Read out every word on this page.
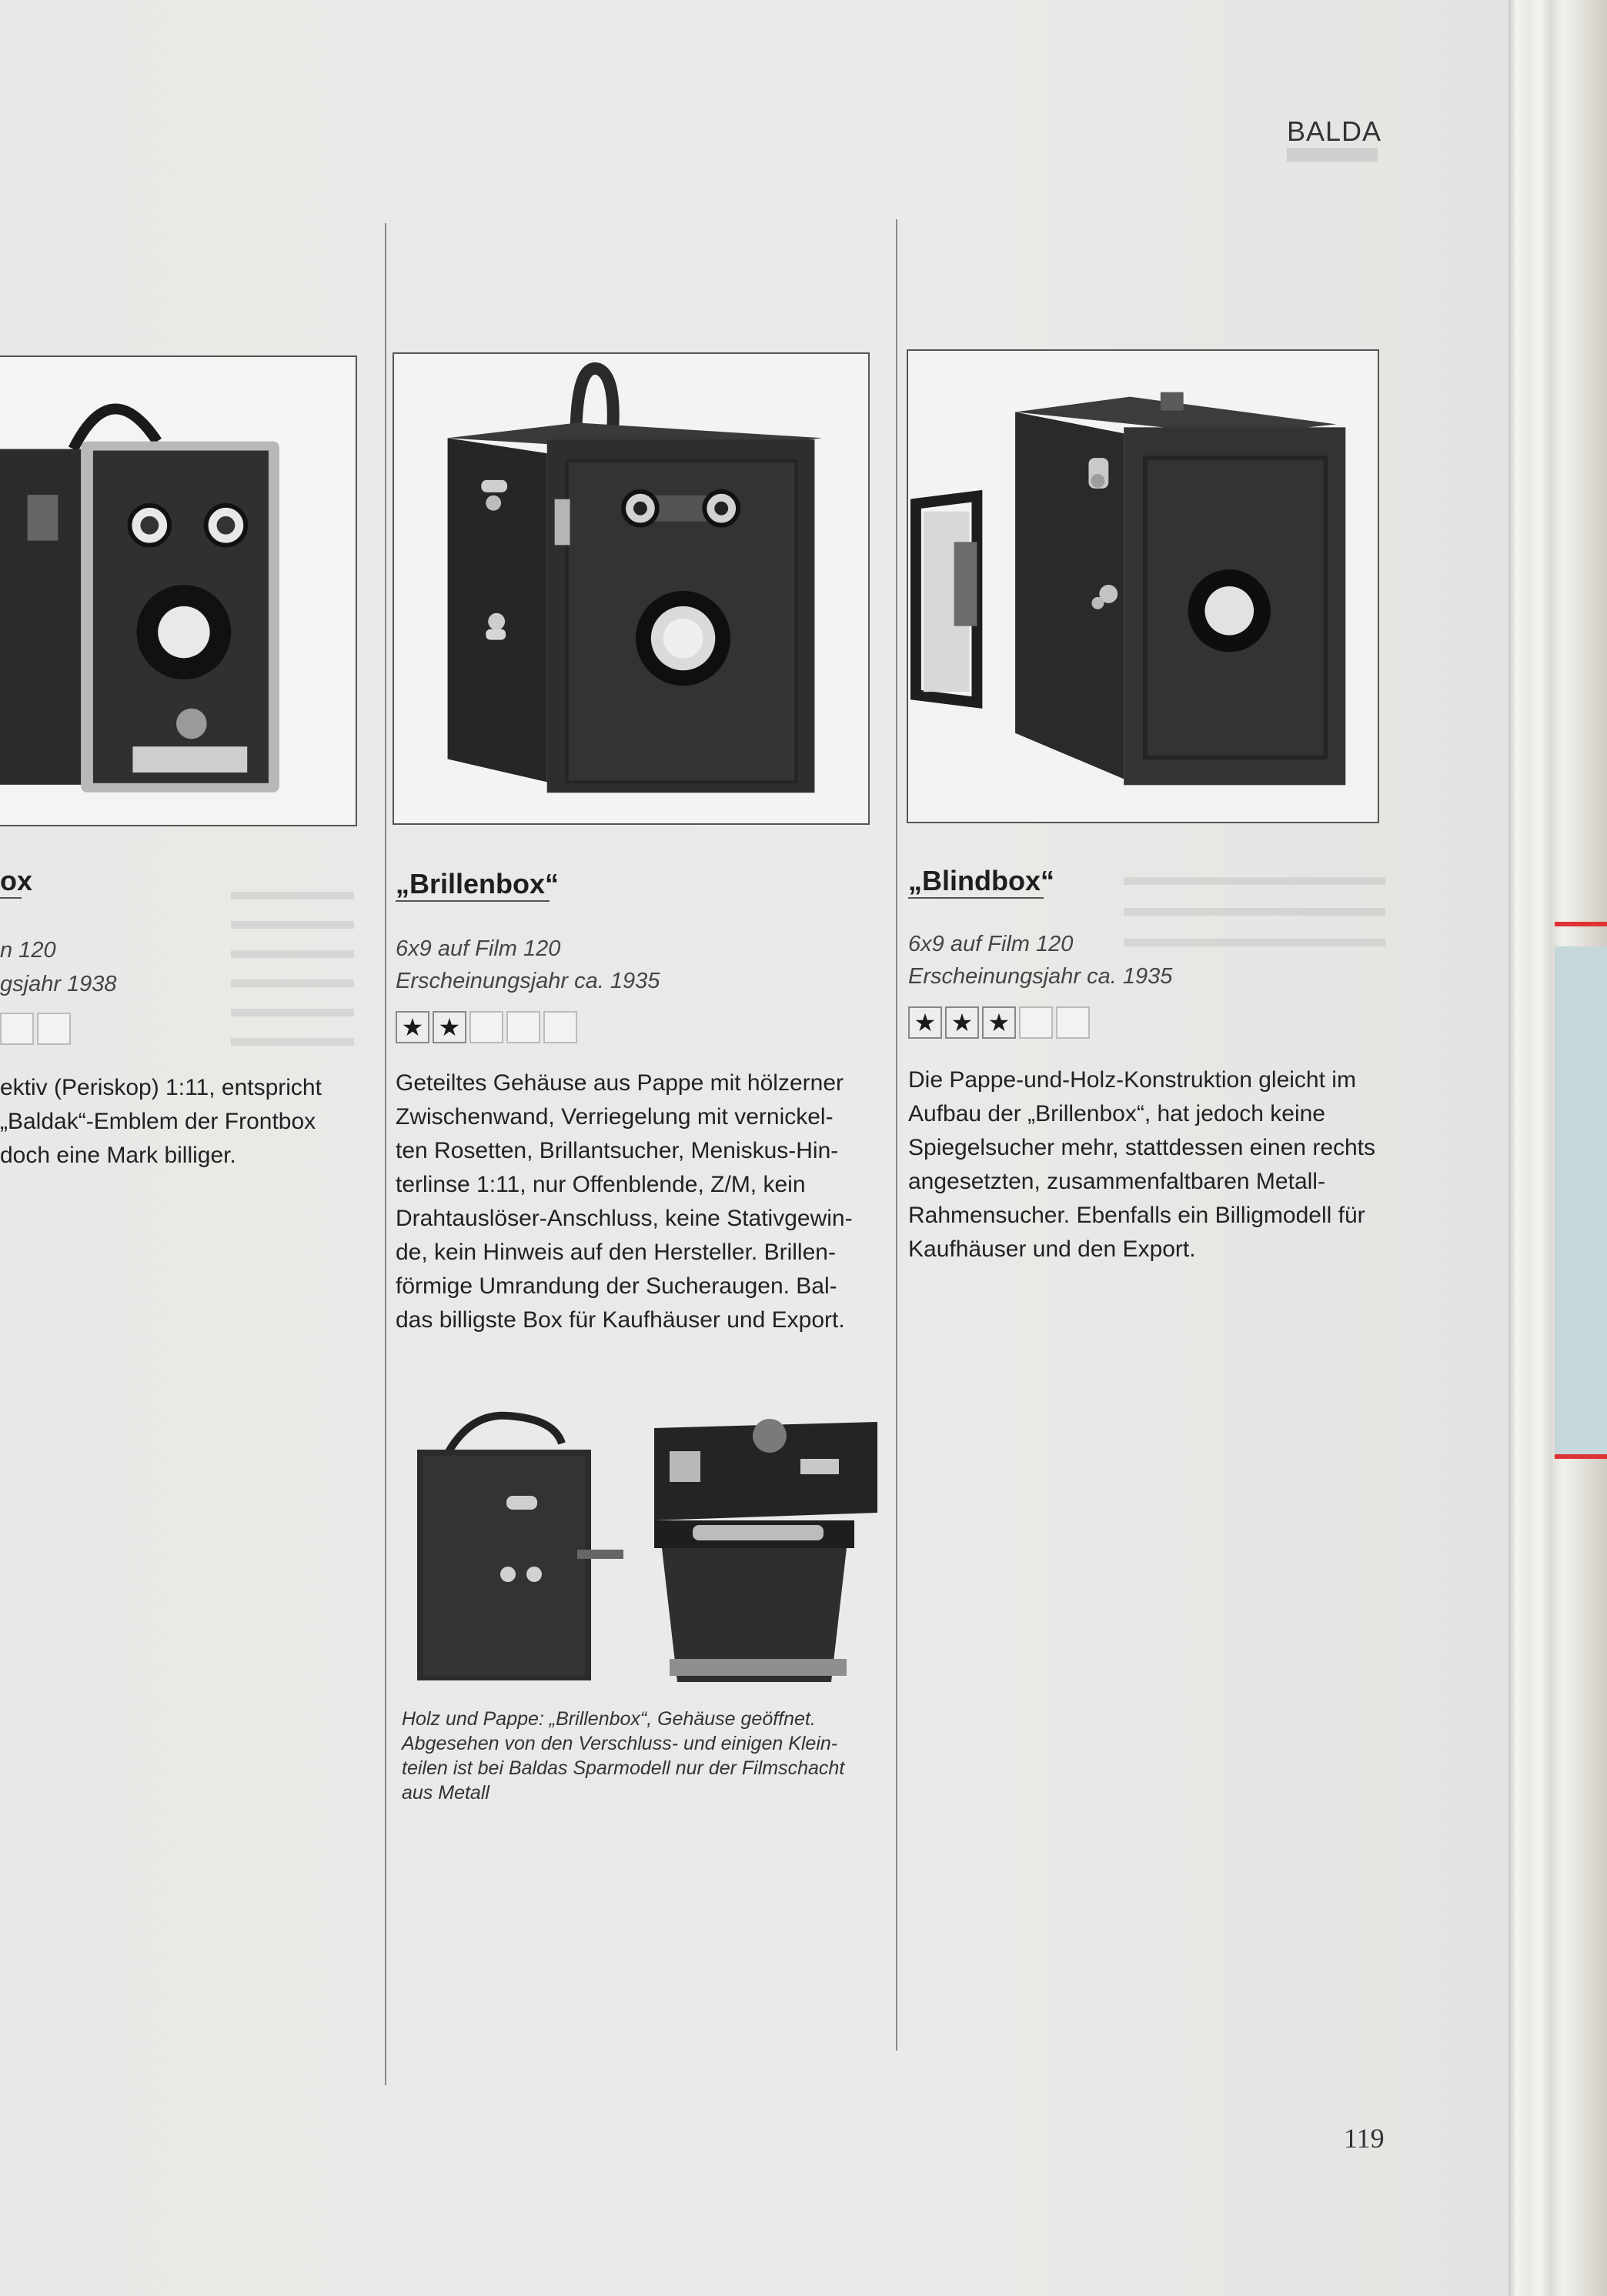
BALDA
ox
n 120
gsjahr 1938
ektiv (Periskop) 1:11, entspricht
„Baldak“-Emblem der Frontbox
doch eine Mark billiger.
„Brillenbox“
6x9 auf Film 120
Erscheinungsjahr ca. 1935
★ ★
Geteiltes Gehäuse aus Pappe mit hölzerner
Zwischenwand, Verriegelung mit vernickel-
ten Rosetten, Brillantsucher, Meniskus-Hin-
terlinse 1:11, nur Offenblende, Z/M, kein
Drahtauslöser-Anschluss, keine Stativgewin-
de, kein Hinweis auf den Hersteller. Brillen-
förmige Umrandung der Sucheraugen. Bal-
das billigste Box für Kaufhäuser und Export.
Holz und Pappe: „Brillenbox“, Gehäuse geöffnet.
Abgesehen von den Verschluss- und einigen Klein-
teilen ist bei Baldas Sparmodell nur der Filmschacht
aus Metall
„Blindbox“
6x9 auf Film 120
Erscheinungsjahr ca. 1935
★ ★ ★
Die Pappe-und-Holz-Konstruktion gleicht im
Aufbau der „Brillenbox“, hat jedoch keine
Spiegelsucher mehr, stattdessen einen rechts
angesetzten, zusammenfaltbaren Metall-
Rahmensucher. Ebenfalls ein Billigmodell für
Kaufhäuser und den Export.
119
